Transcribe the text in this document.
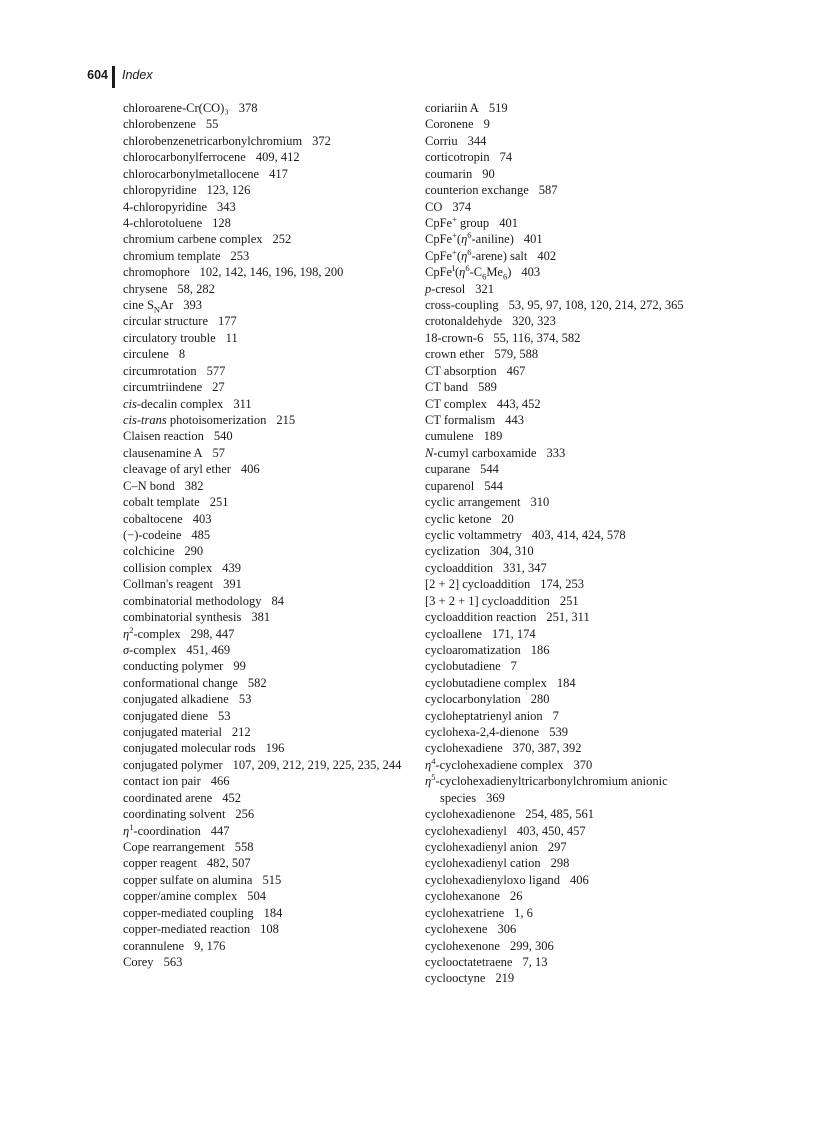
604 Index
chloroarene-Cr(CO)₃ 378
chlorobenzene 55
chlorobenzenetricarbonylchromium 372
chlorocarbonylferrocene 409, 412
chlorocarbonylmetallocene 417
chloropyridine 123, 126
4-chloropyridine 343
4-chlorotoluene 128
chromium carbene complex 252
chromium template 253
chromophore 102, 142, 146, 196, 198, 200
chrysene 58, 282
cine $S_NAr$ 393
circular structure 177
circulatory trouble 11
circulene 8
circumrotation 577
circumtriindene 27
cis-decalin complex 311
cis-trans photoisomerization 215
Claisen reaction 540
clausenamine A 57
cleavage of aryl ether 406
C–N bond 382
cobalt template 251
cobaltocene 403
(−)-codeine 485
colchicine 290
collision complex 439
Collman's reagent 391
combinatorial methodology 84
combinatorial synthesis 381
$\eta^2$-complex 298, 447
σ-complex 451, 469
conducting polymer 99
conformational change 582
conjugated alkadiene 53
conjugated diene 53
conjugated material 212
conjugated molecular rods 196
conjugated polymer 107, 209, 212, 219, 225, 235, 244
contact ion pair 466
coordinated arene 452
coordinating solvent 256
$\eta^1$-coordination 447
Cope rearrangement 558
copper reagent 482, 507
copper sulfate on alumina 515
copper/amine complex 504
copper-mediated coupling 184
copper-mediated reaction 108
corannulene 9, 176
Corey 563
coriariin A 519
Coronene 9
Corriu 344
corticotropin 74
coumarin 90
counterion exchange 587
CO 374
CpFe+ group 401
$CpFe^+(\eta^6-aniline)$ 401
$CpFe^+(\eta^6-arene)$ salt 402
$CpFe^I(\eta^6-C_6Me_6)$ 403
p-cresol 321
cross-coupling 53, 95, 97, 108, 120, 214, 272, 365
crotonaldehyde 320, 323
18-crown-6 55, 116, 374, 582
crown ether 579, 588
CT absorption 467
CT band 589
CT complex 443, 452
CT formalism 443
cumulene 189
N-cumyl carboxamide 333
cuparane 544
cuparenol 544
cyclic arrangement 310
cyclic ketone 20
cyclic voltammetry 403, 414, 424, 578
cyclization 304, 310
cycloaddition 331, 347
[2 + 2] cycloaddition 174, 253
[3 + 2 + 1] cycloaddition 251
cycloaddition reaction 251, 311
cycloallene 171, 174
cycloaromatization 186
cyclobutadiene 7
cyclobutadiene complex 184
cyclocarbonylation 280
cycloheptatrienyl anion 7
cyclohexa-2,4-dienone 539
cyclohexadiene 370, 387, 392
$\eta^4$-cyclohexadiene complex 370
$\eta^5$-cyclohexadienyltricarbonylchromium anionic species 369
cyclohexadienone 254, 485, 561
cyclohexadienyl 403, 450, 457
cyclohexadienyl anion 297
cyclohexadienyl cation 298
cyclohexadienyloxo ligand 406
cyclohexanone 26
cyclohexatriene 1, 6
cyclohexene 306
cyclohexenone 299, 306
cyclooctatetraene 7, 13
cyclooctyne 219
